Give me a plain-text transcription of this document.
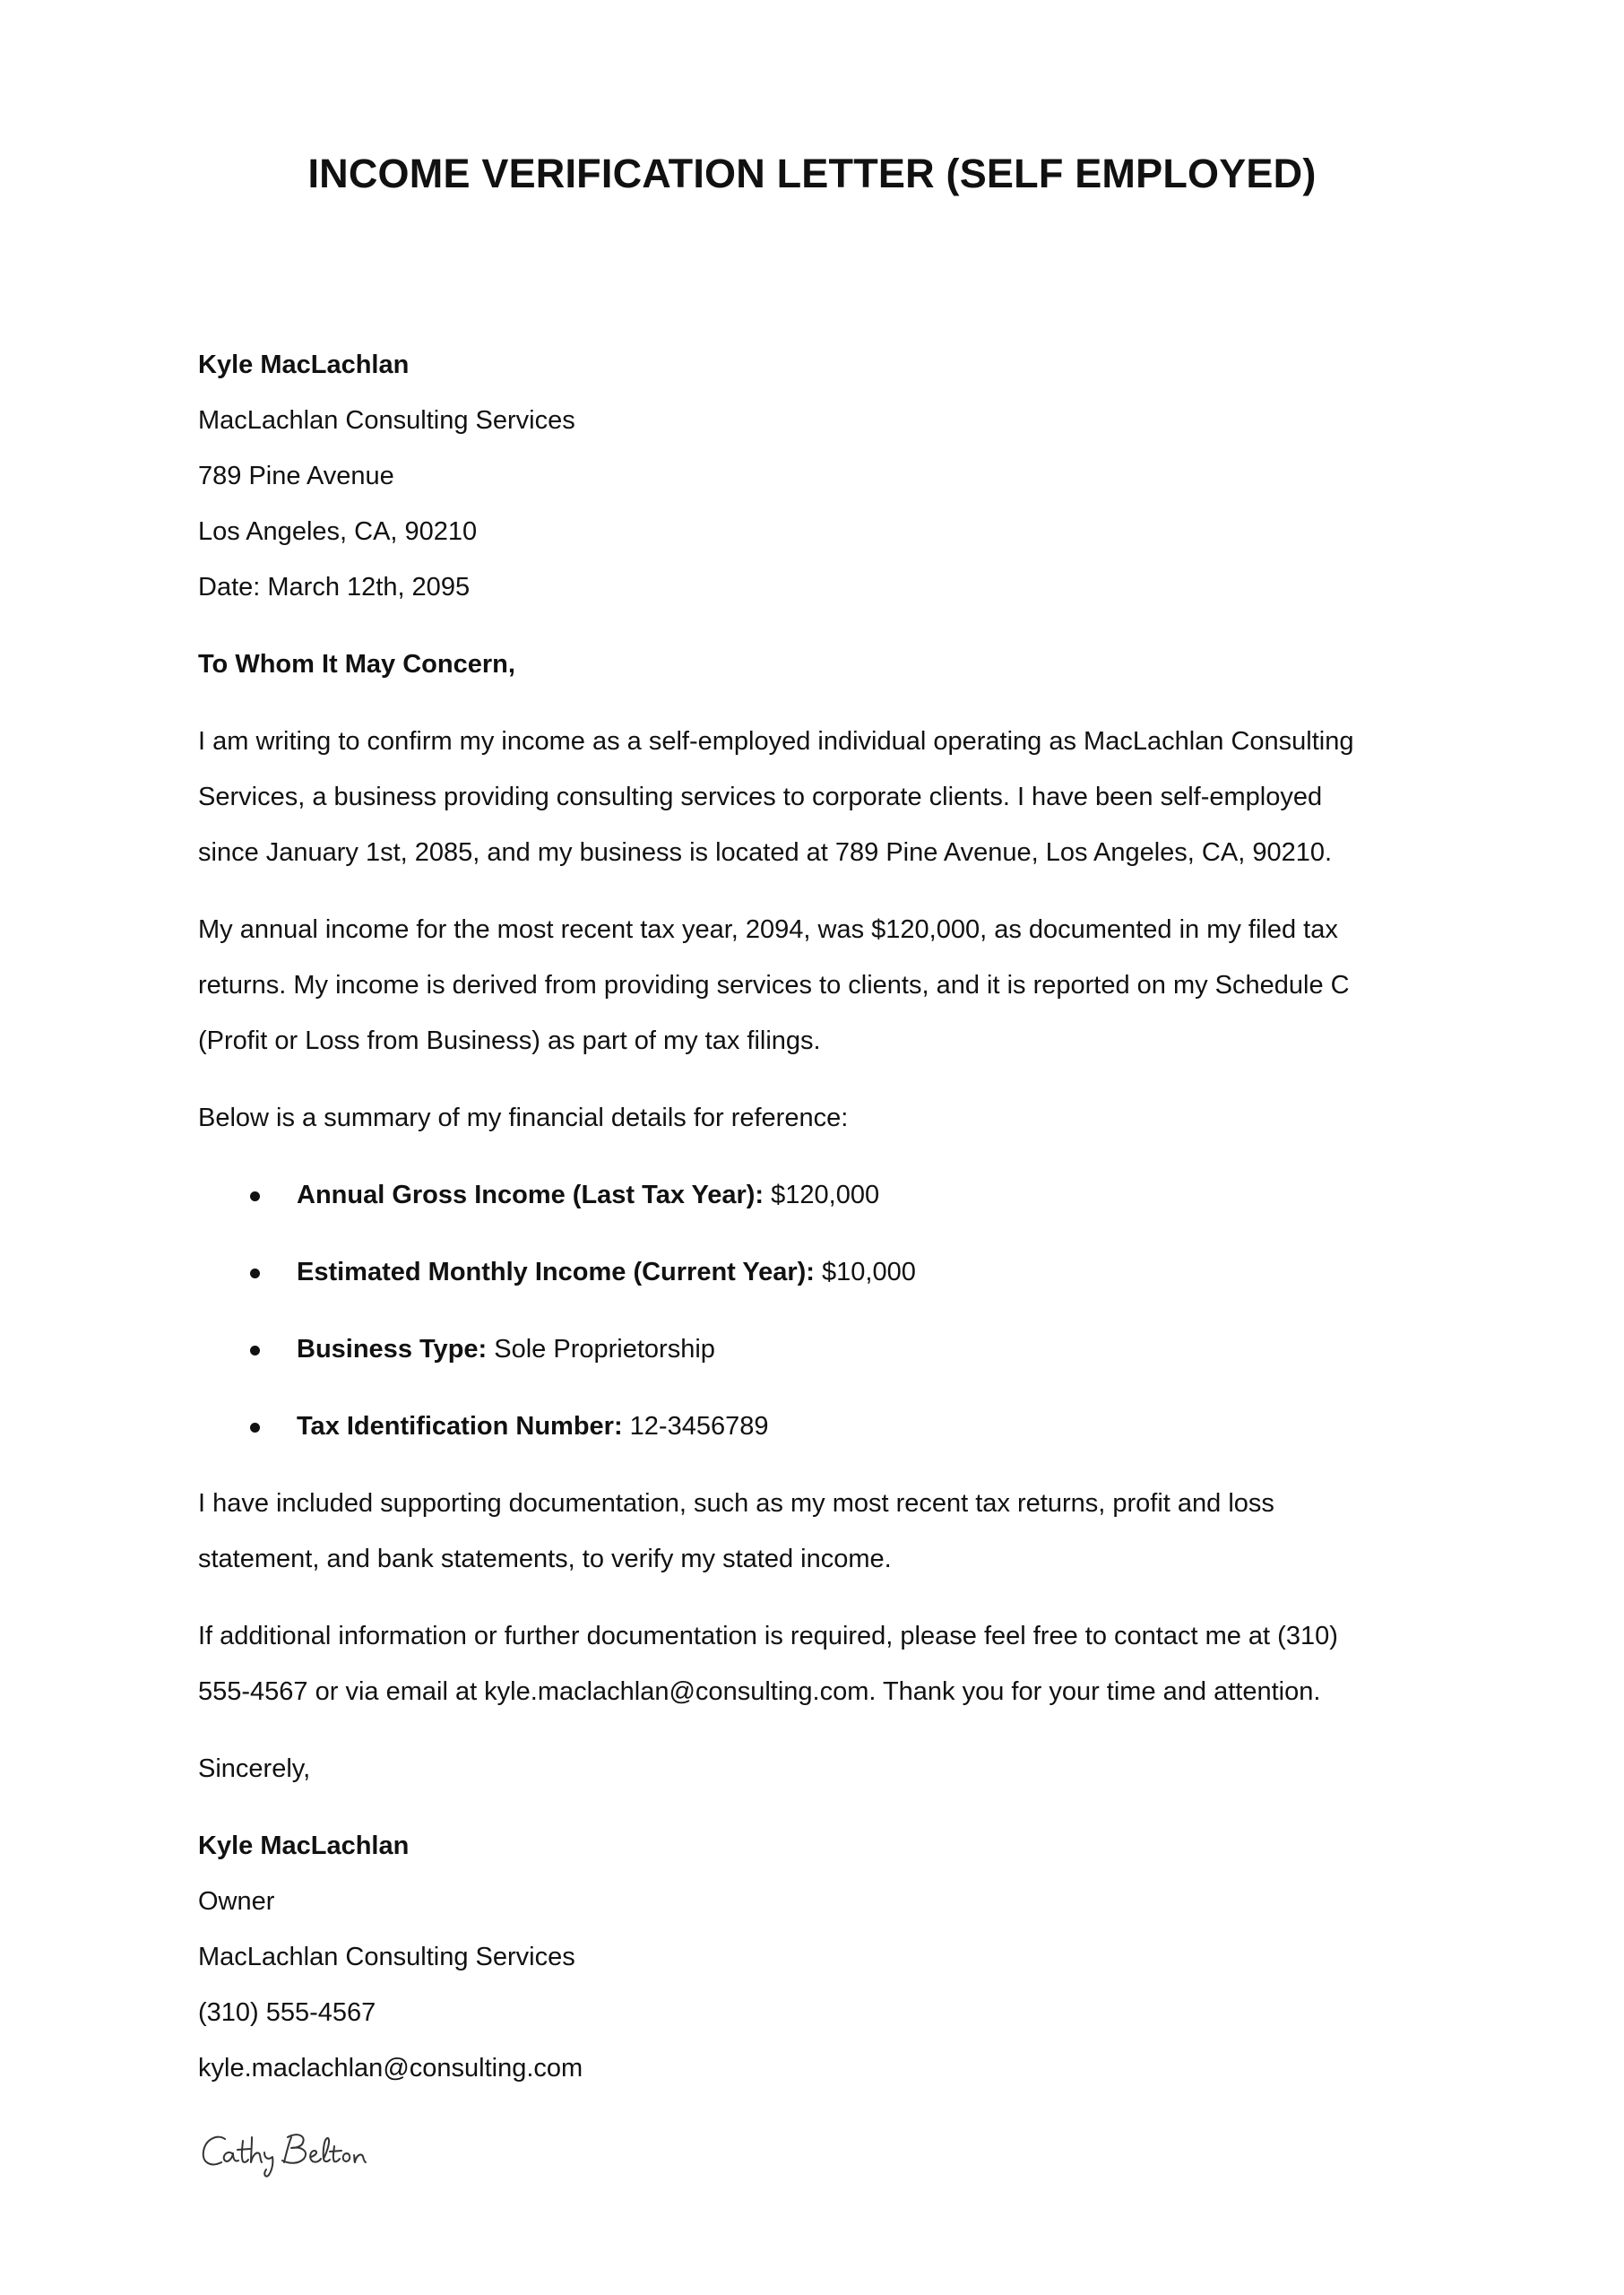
INCOME VERIFICATION LETTER (SELF EMPLOYED)
Kyle MacLachlan
MacLachlan Consulting Services
789 Pine Avenue
Los Angeles, CA, 90210
Date: March 12th, 2095
To Whom It May Concern,
I am writing to confirm my income as a self-employed individual operating as MacLachlan Consulting
Services, a business providing consulting services to corporate clients. I have been self-employed
since January 1st, 2085, and my business is located at 789 Pine Avenue, Los Angeles, CA, 90210.
My annual income for the most recent tax year, 2094, was $120,000, as documented in my filed tax
returns. My income is derived from providing services to clients, and it is reported on my Schedule C
(Profit or Loss from Business) as part of my tax filings.
Below is a summary of my financial details for reference:
Annual Gross Income (Last Tax Year): $120,000
Estimated Monthly Income (Current Year): $10,000
Business Type: Sole Proprietorship
Tax Identification Number: 12-3456789
I have included supporting documentation, such as my most recent tax returns, profit and loss
statement, and bank statements, to verify my stated income.
If additional information or further documentation is required, please feel free to contact me at (310)
555-4567 or via email at kyle.maclachlan@consulting.com. Thank you for your time and attention.
Sincerely,
Kyle MacLachlan
Owner
MacLachlan Consulting Services
(310) 555-4567
kyle.maclachlan@consulting.com
